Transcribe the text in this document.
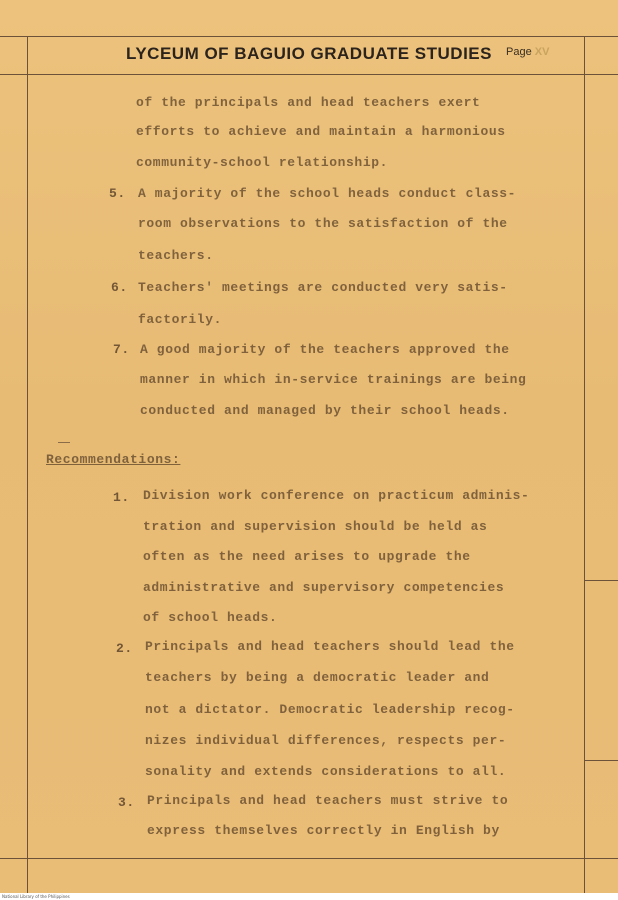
LYCEUM OF BAGUIO GRADUATE STUDIES	Page XV
of the principals and head teachers exert
efforts to achieve and maintain a harmonious
community-school relationship.
5. A majority of the school heads conduct class-
room observations to the satisfaction of the
teachers.
6. Teachers' meetings are conducted very satis-
factorily.
7. A good majority of the teachers approved the
manner in which in-service trainings are being
conducted and managed by their school heads.
Recommendations:
1. Division work conference on practicum adminis-
tration and supervision should be held as
often as the need arises to upgrade the
administrative and supervisory competencies
of school heads.
2. Principals and head teachers should lead the
teachers by being a democratic leader and
not a dictator. Democratic leadership recog-
nizes individual differences, respects per-
sonality and extends considerations to all.
3. Principals and head teachers must strive to
express themselves correctly in English by
National Library of the Philippines
